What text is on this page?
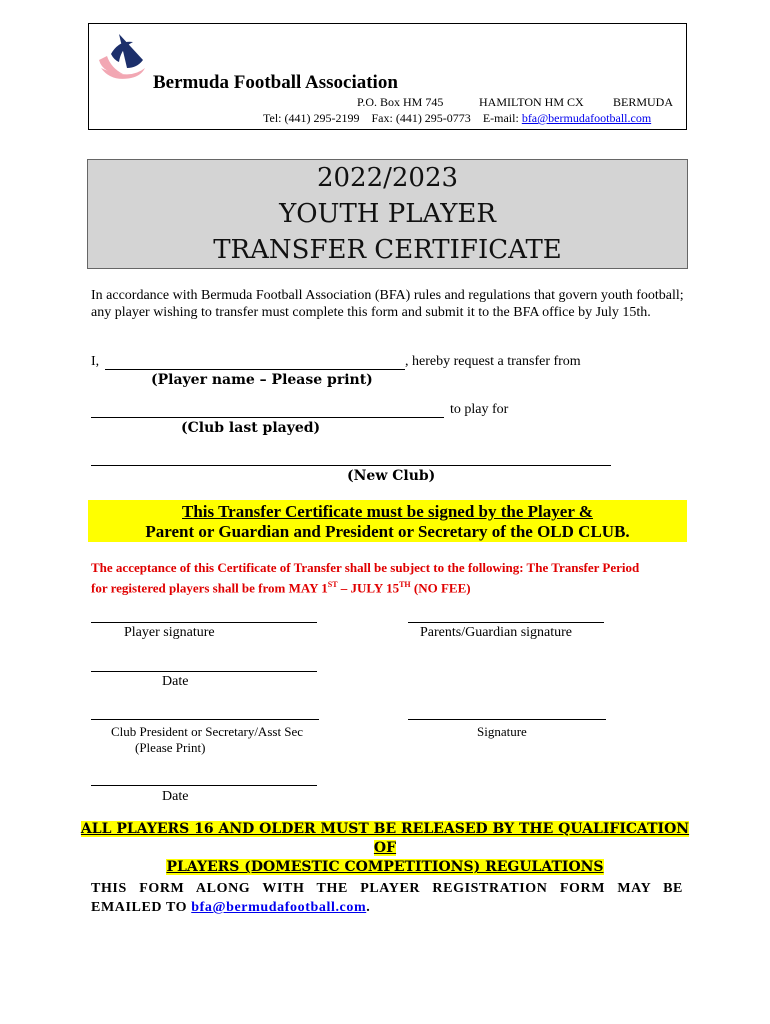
Bermuda Football Association
P.O. Box HM 745	HAMILTON HM CX BERMUDA
Tel: (441) 295-2199 Fax: (441) 295-0773 E-mail: bfa@bermudafootball.com
2022/2023
YOUTH PLAYER
TRANSFER CERTIFICATE
In accordance with Bermuda Football Association (BFA) rules and regulations that govern youth football; any player wishing to transfer must complete this form and submit it to the BFA office by July 15th.
I,	, hereby request a transfer from
(Player name – Please print)
to play for
(Club last played)
(New Club)
This Transfer Certificate must be signed by the Player &
Parent or Guardian and President or Secretary of the OLD CLUB.
The acceptance of this Certificate of Transfer shall be subject to the following: The Transfer Period for registered players shall be from MAY 1ST – JULY 15TH (NO FEE)
Player signature	Parents/Guardian signature
Date
Club President or Secretary/Asst Sec
(Please Print)
Signature
Date
ALL PLAYERS 16 AND OLDER MUST BE RELEASED BY THE QUALIFICATION OF
PLAYERS (DOMESTIC COMPETITIONS) REGULATIONS
THIS FORM ALONG WITH THE PLAYER REGISTRATION FORM MAY BE EMAILED TO bfa@bermudafootball.com.
